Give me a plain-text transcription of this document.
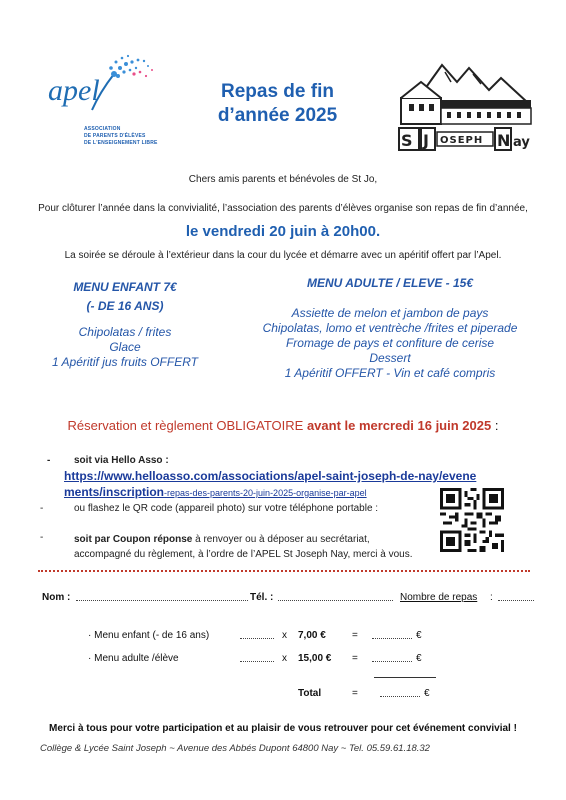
apel
ASSOCIATION
DE PARENTS D'ÉLÈVES
DE L'ENSEIGNEMENT LIBRE
Repas de fin
d’année 2025
S J OSEPH N ay
Chers amis parents et bénévoles de St Jo,
Pour clôturer l’année dans la convivialité, l’association des parents d’élèves organise son repas de fin d’année,
le vendredi 20 juin à 20h00.
La soirée se déroule à l’extérieur dans la cour du lycée et démarre avec un apéritif offert par l’Apel.
MENU ENFANT 7€
(- DE 16 ANS)
Chipolatas / frites
Glace
1 Apéritif jus fruits OFFERT
MENU ADULTE / ELEVE - 15€
Assiette de melon et jambon de pays
Chipolatas, lomo et ventrèche /frites et piperade
Fromage de pays et confiture de cerise
Dessert
1 Apéritif OFFERT - Vin et café compris
Réservation et règlement OBLIGATOIRE avant le mercredi 16 juin 2025 :
- soit via Hello Asso :
https://www.helloasso.com/associations/apel-saint-joseph-de-nay/evene
ments/inscription-repas-des-parents-20-juin-2025-organise-par-apel
-	ou flashez le QR code (appareil photo) sur votre téléphone portable :
-	soit par Coupon réponse à renvoyer ou à déposer au secrétariat,
accompagné du règlement, à l’ordre de l’APEL St Joseph Nay, merci à vous.
Nom :	Tél. :	Nombre de repas :
· Menu enfant (- de 16 ans)	x 7,00 €	=	€
· Menu adulte /élève	x 15,00 € =	€
Total	=	€
Merci à tous pour votre participation et au plaisir de vous retrouver pour cet événement convivial !
Collège & Lycée Saint Joseph ~ Avenue des Abbés Dupont 64800 Nay ~ Tel. 05.59.61.18.32
